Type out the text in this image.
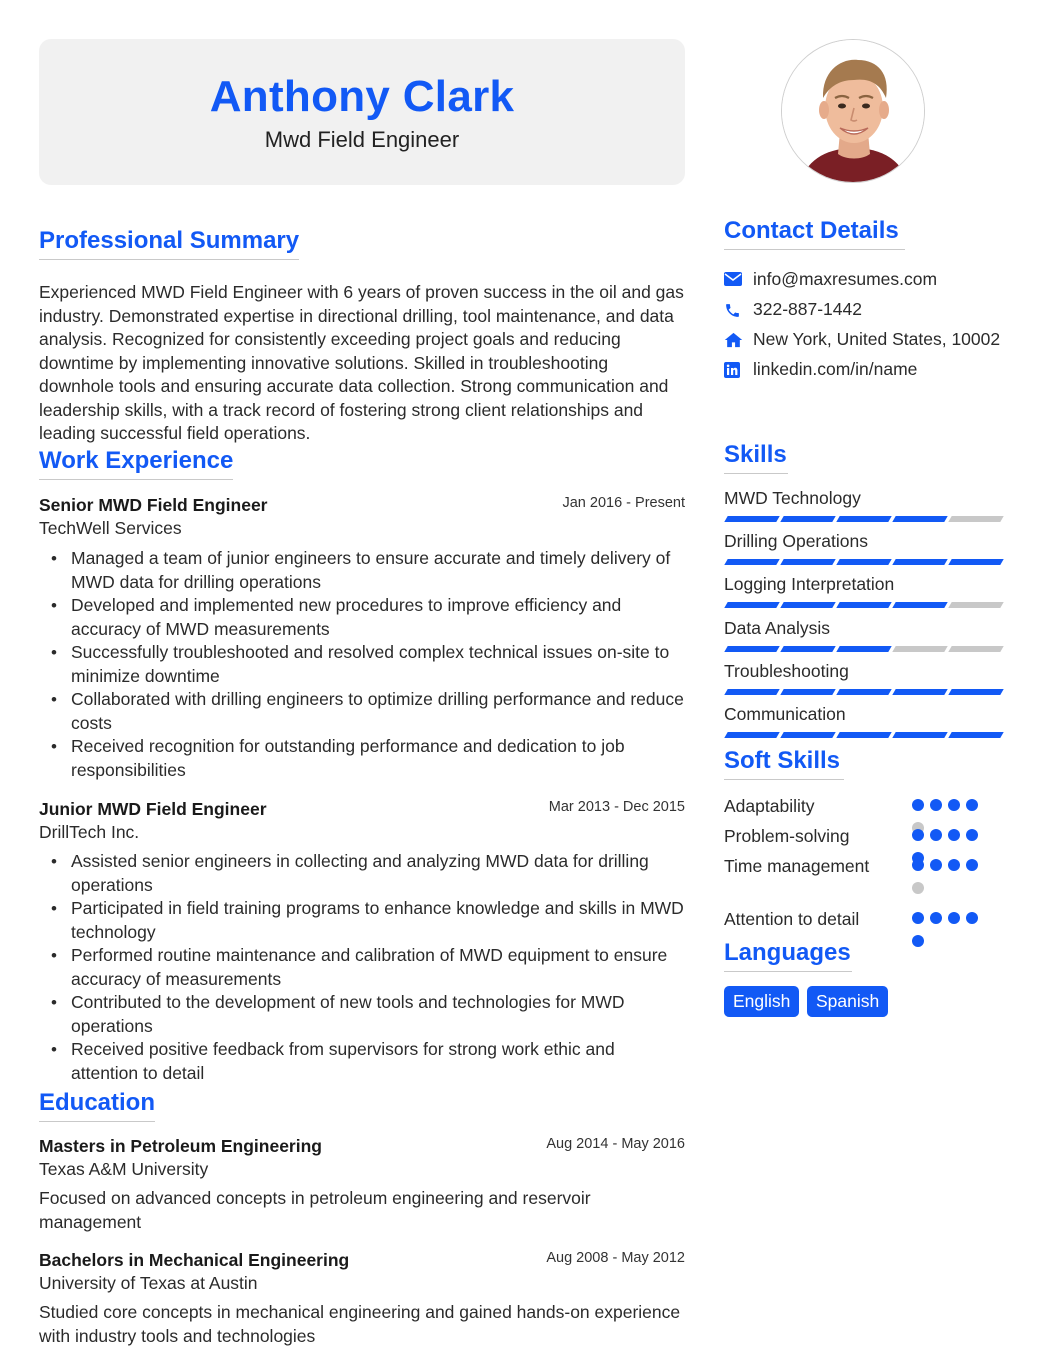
Anthony Clark
Mwd Field Engineer
Professional Summary
Experienced MWD Field Engineer with 6 years of proven success in the oil and gas industry. Demonstrated expertise in directional drilling, tool maintenance, and data analysis. Recognized for consistently exceeding project goals and reducing downtime by implementing innovative solutions. Skilled in troubleshooting downhole tools and ensuring accurate data collection. Strong communication and leadership skills, with a track record of fostering strong client relationships and leading successful field operations.
Work Experience
Senior MWD Field Engineer	Jan 2016 - Present
TechWell Services
• Managed a team of junior engineers to ensure accurate and timely delivery of MWD data for drilling operations
• Developed and implemented new procedures to improve efficiency and accuracy of MWD measurements
• Successfully troubleshooted and resolved complex technical issues on-site to minimize downtime
• Collaborated with drilling engineers to optimize drilling performance and reduce costs
• Received recognition for outstanding performance and dedication to job responsibilities
Junior MWD Field Engineer	Mar 2013 - Dec 2015
DrillTech Inc.
• Assisted senior engineers in collecting and analyzing MWD data for drilling operations
• Participated in field training programs to enhance knowledge and skills in MWD technology
• Performed routine maintenance and calibration of MWD equipment to ensure accuracy of measurements
• Contributed to the development of new tools and technologies for MWD operations
• Received positive feedback from supervisors for strong work ethic and attention to detail
Education
Masters in Petroleum Engineering	Aug 2014 - May 2016
Texas A&M University
Focused on advanced concepts in petroleum engineering and reservoir management
Bachelors in Mechanical Engineering	Aug 2008 - May 2012
University of Texas at Austin
Studied core concepts in mechanical engineering and gained hands-on experience with industry tools and technologies
Contact Details
info@maxresumes.com
322-887-1442
New York, United States, 10002
linkedin.com/in/name
Skills
MWD Technology
Drilling Operations
Logging Interpretation
Data Analysis
Troubleshooting
Communication
Soft Skills
Adaptability
Problem-solving
Time management
Attention to detail
Languages
English	Spanish
